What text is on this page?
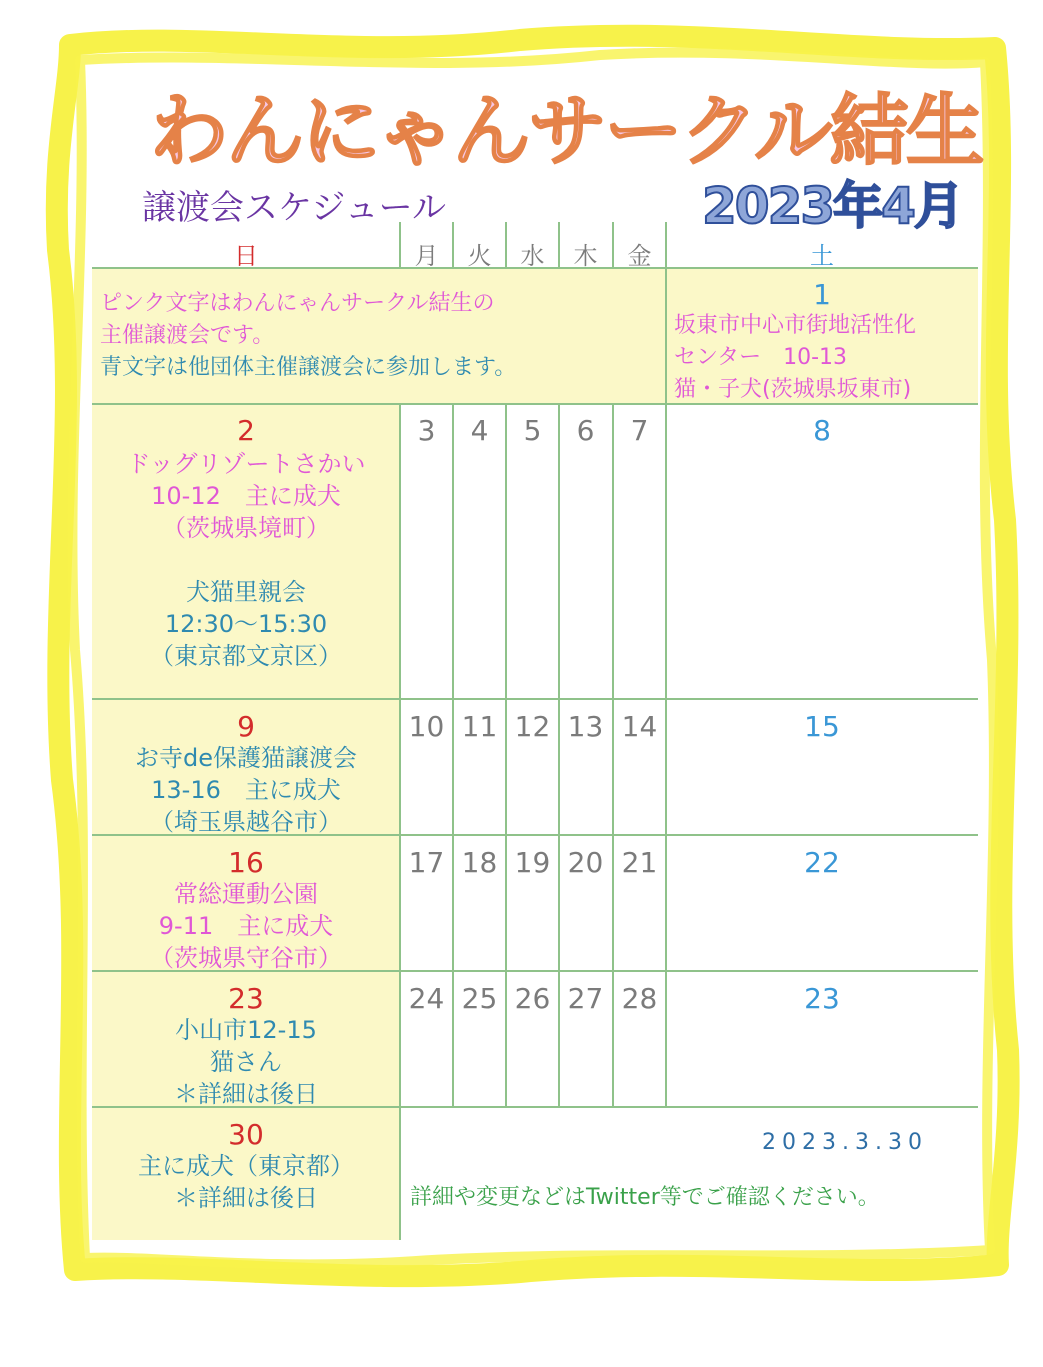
わんにゃんサークル結生
譲渡会スケジュール	2023年4月
日	月	火	水	木	金	土
ピンク文字はわんにゃんサークル結生の
主催譲渡会です。
青文字は他団体主催譲渡会に参加します。
1
坂東市中心市街地活性化
センター　10-13
猫・子犬(茨城県坂東市)
2
ドッグリゾートさかい
10-12　主に成犬
（茨城県境町）
犬猫里親会
12:30～15:30
（東京都文京区）
3	4	5	6	7	8
9
お寺de保護猫譲渡会
13-16　主に成犬
（埼玉県越谷市）
10 11 12 13 14	15
16
常総運動公園
9-11　主に成犬
（茨城県守谷市）
17 18 19 20 21	22
23
小山市12-15
猫さん
＊詳細は後日
24 25 26 27 28	23
30
主に成犬（東京都）
＊詳細は後日
2023.3.30
詳細や変更などはTwitter等でご確認ください。
